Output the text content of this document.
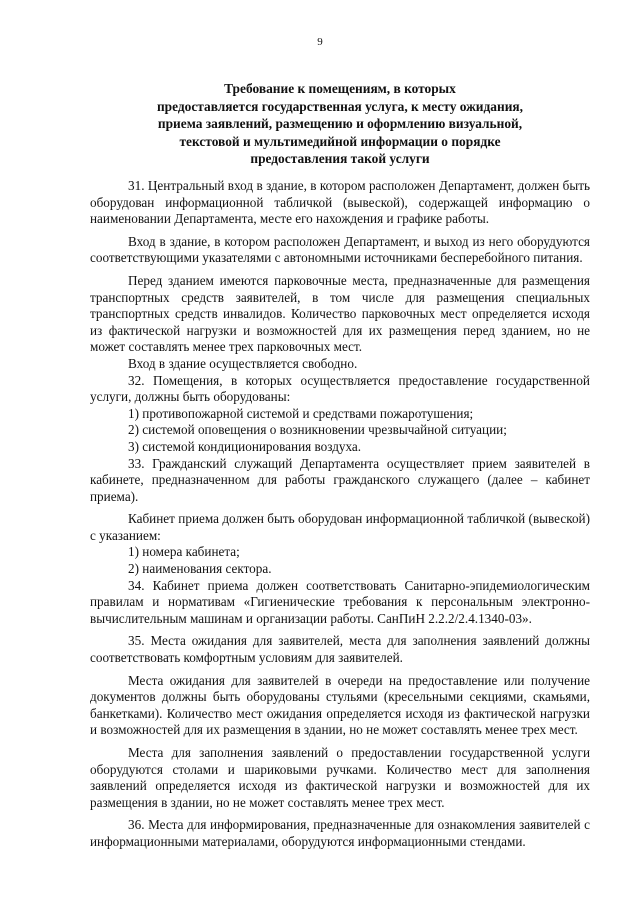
9
Требование к помещениям, в которых
предоставляется государственная услуга, к месту ожидания,
приема заявлений, размещению и оформлению визуальной,
текстовой и мультимедийной информации о порядке
предоставления такой услуги

31. Центральный вход в здание, в котором расположен Департамент, должен быть оборудован информационной табличкой (вывеской), содержащей информацию о наименовании Департамента, месте его нахождения и графике работы.

Вход в здание, в котором расположен Департамент, и выход из него оборудуются соответствующими указателями с автономными источниками бесперебойного питания.

Перед зданием имеются парковочные места, предназначенные для размещения транспортных средств заявителей, в том числе для размещения специальных транспортных средств инвалидов. Количество парковочных мест определяется исходя из фактической нагрузки и возможностей для их размещения перед зданием, но не может составлять менее трех парковочных мест.

Вход в здание осуществляется свободно.

32. Помещения, в которых осуществляется предоставление государственной услуги, должны быть оборудованы:

1) противопожарной системой и средствами пожаротушения;

2) системой оповещения о возникновении чрезвычайной ситуации;

3) системой кондиционирования воздуха.

33. Гражданский служащий Департамента осуществляет прием заявителей в кабинете, предназначенном для работы гражданского служащего (далее – кабинет приема).

Кабинет приема должен быть оборудован информационной табличкой (вывеской) с указанием:

1) номера кабинета;

2) наименования сектора.

34. Кабинет приема должен соответствовать Санитарно-эпидемиологическим правилам и нормативам «Гигиенические требования к персональным электронно-вычислительным машинам и организации работы. СанПиН 2.2.2/2.4.1340-03».

35. Места ожидания для заявителей, места для заполнения заявлений должны соответствовать комфортным условиям для заявителей.

Места ожидания для заявителей в очереди на предоставление или получение документов должны быть оборудованы стульями (кресельными секциями, скамьями, банкетками). Количество мест ожидания определяется исходя из фактической нагрузки и возможностей для их размещения в здании, но не может составлять менее трех мест.

Места для заполнения заявлений о предоставлении государственной услуги оборудуются столами и шариковыми ручками. Количество мест для заполнения заявлений определяется исходя из фактической нагрузки и возможностей для их размещения в здании, но не может составлять менее трех мест.

36. Места для информирования, предназначенные для ознакомления заявителей с информационными материалами, оборудуются информационными стендами.
